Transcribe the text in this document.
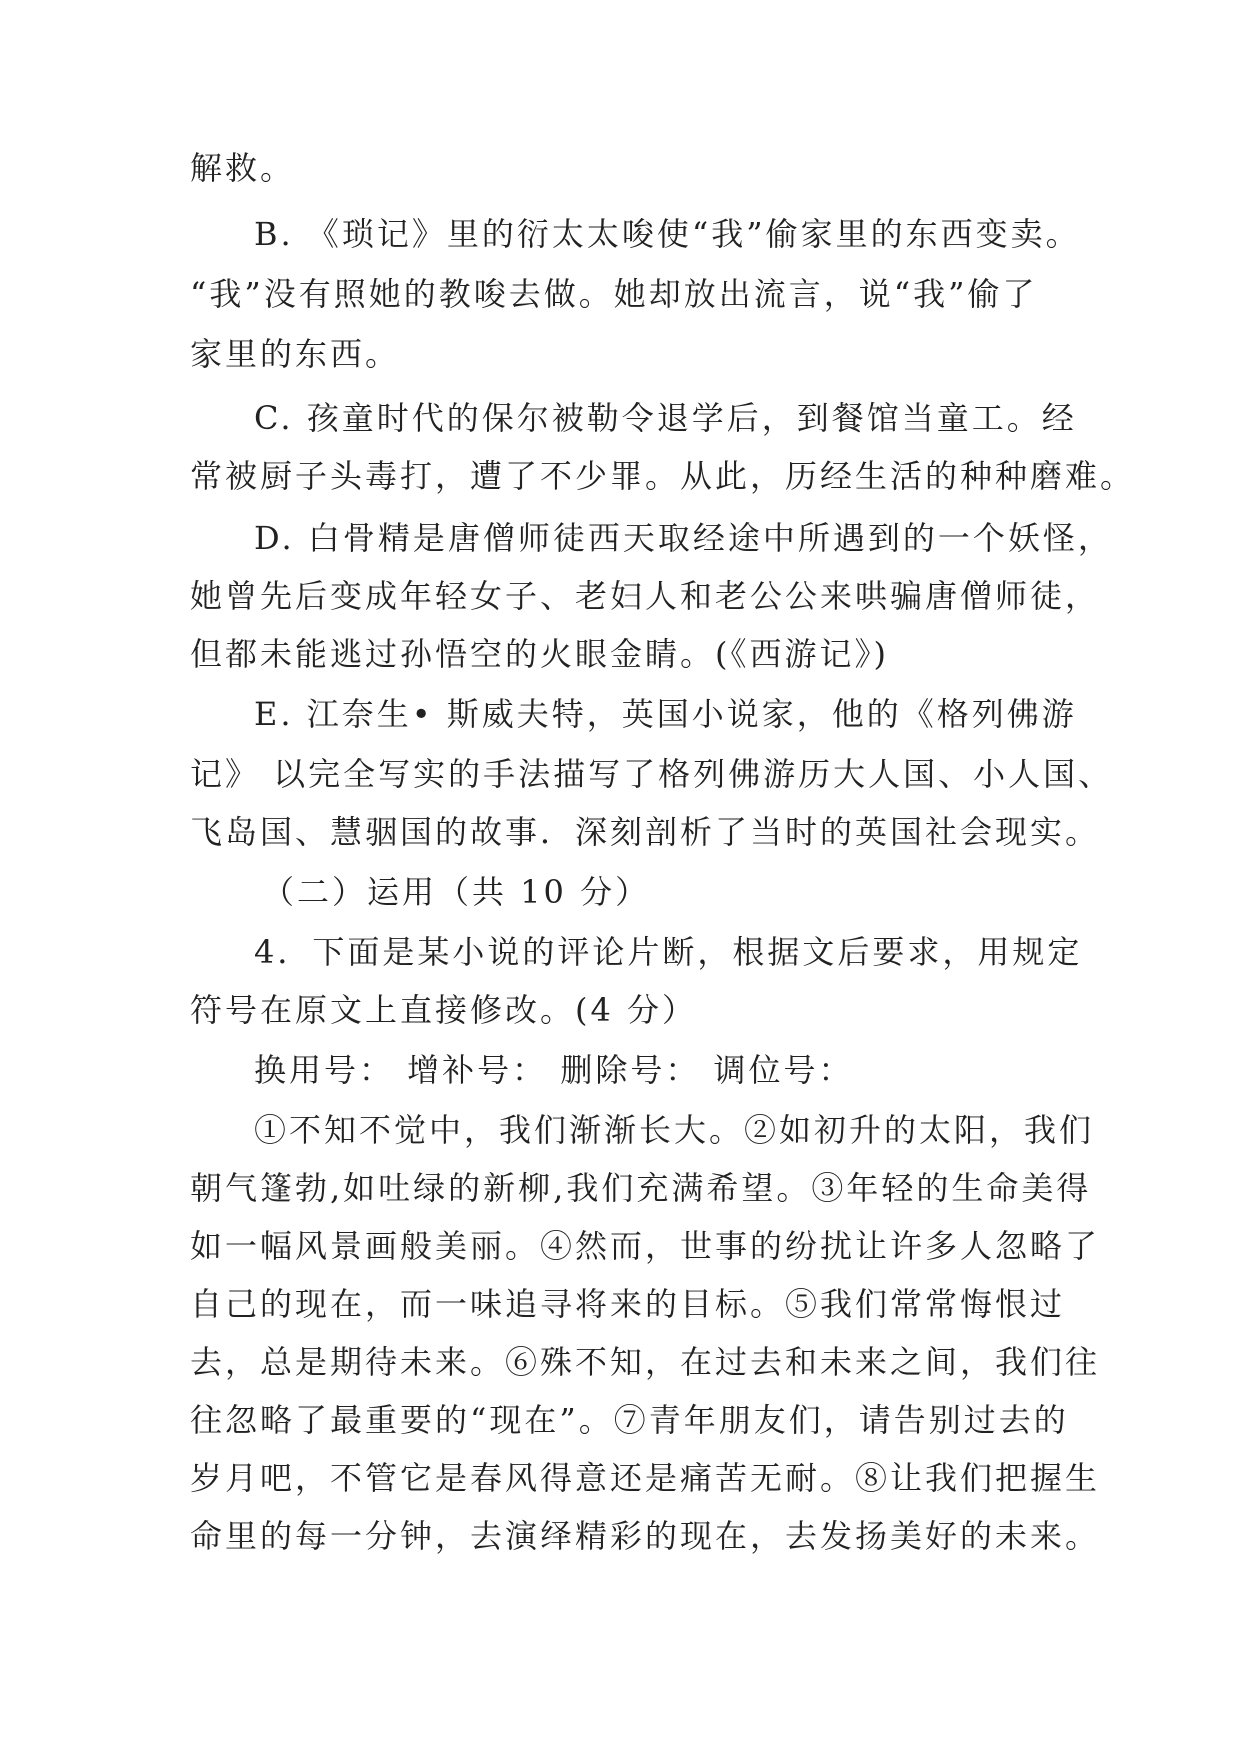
解救。
B. 《琐记》里的衍太太唆使“我”偷家里的东西变卖。
“我”没有照她的教唆去做。她却放出流言，说“我”偷了
家里的东西。
C. 孩童时代的保尔被勒令退学后，到餐馆当童工。经
常被厨子头毒打，遭了不少罪。从此，历经生活的种种磨难。
D. 白骨精是唐僧师徒西天取经途中所遇到的一个妖怪，
她曾先后变成年轻女子、老妇人和老公公来哄骗唐僧师徒，
但都未能逃过孙悟空的火眼金睛。(《西游记》)
E. 江奈生• 斯威夫特，英国小说家，他的《格列佛游
记》 以完全写实的手法描写了格列佛游历大人国、小人国、
飞岛国、慧骃国的故事．深刻剖析了当时的英国社会现实。
（二）运用（共 10 分）
4．下面是某小说的评论片断，根据文后要求，用规定
符号在原文上直接修改。(4 分）
换用号： 增补号： 删除号： 调位号：
①不知不觉中，我们渐渐长大。②如初升的太阳，我们
朝气篷勃,如吐绿的新柳,我们充满希望。③年轻的生命美得
如一幅风景画般美丽。④然而，世事的纷扰让许多人忽略了
自己的现在，而一味追寻将来的目标。⑤我们常常悔恨过
去，总是期待未来。⑥殊不知，在过去和未来之间，我们往
往忽略了最重要的“现在”。⑦青年朋友们，请告别过去的
岁月吧，不管它是春风得意还是痛苦无耐。⑧让我们把握生
命里的每一分钟，去演绎精彩的现在，去发扬美好的未来。
